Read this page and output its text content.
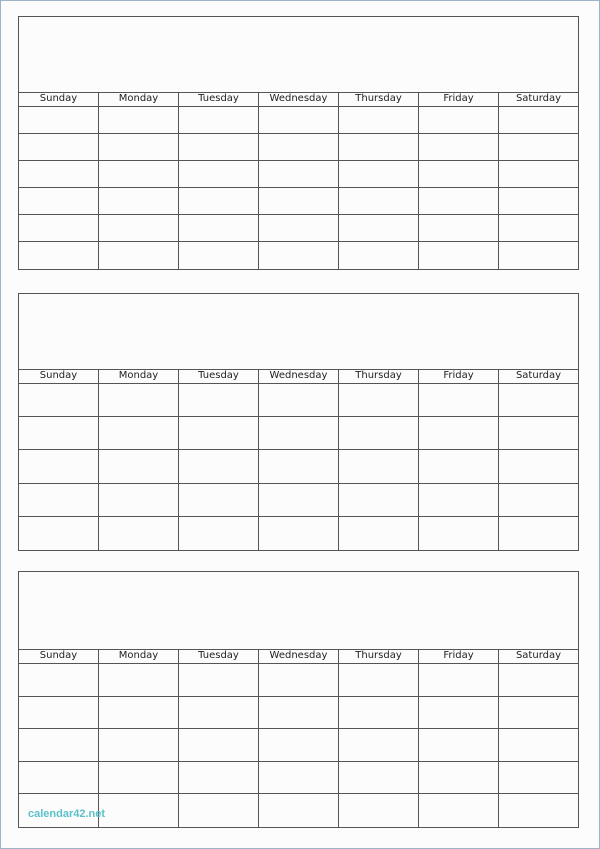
Sunday	Monday	Tuesday	Wednesday	Thursday	Friday	Saturday
Sunday	Monday	Tuesday	Wednesday	Thursday	Friday	Saturday
Sunday	Monday	Tuesday	Wednesday	Thursday	Friday	Saturday
calendar42.net
